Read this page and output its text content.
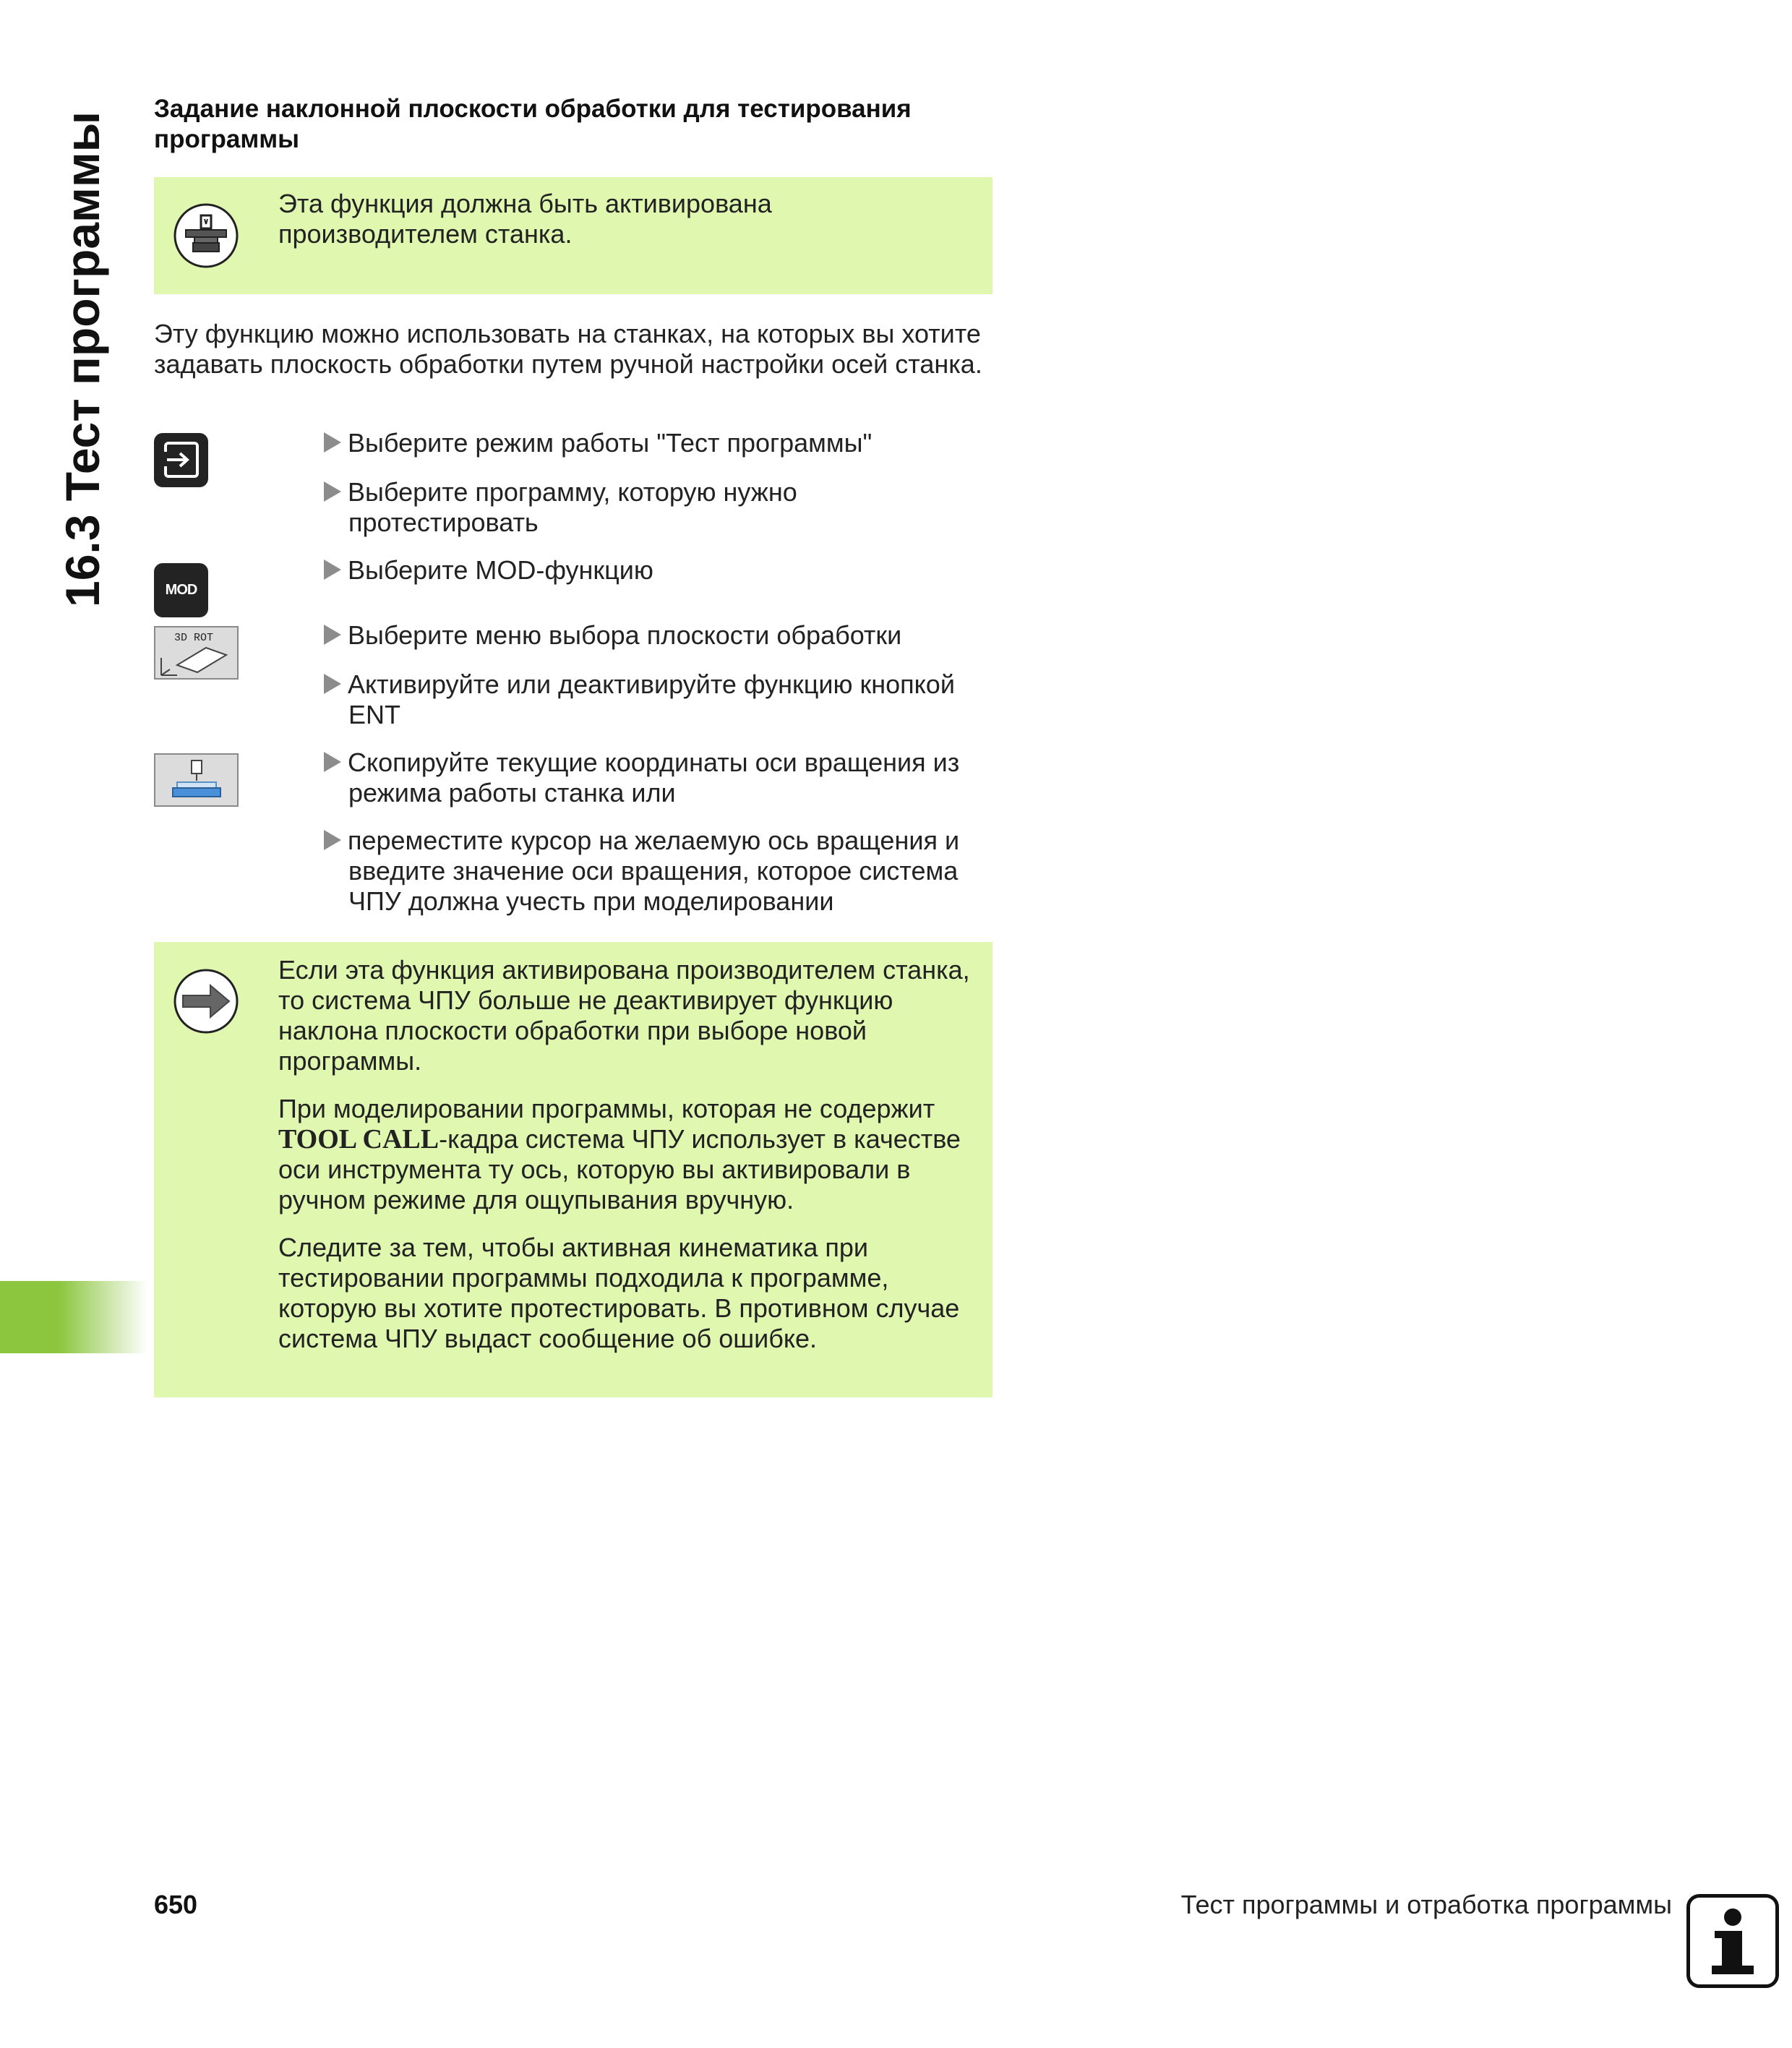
16.3 Тест программы
Задание наклонной плоскости обработки для тестирования программы
Эта функция должна быть активирована производителем станка.
Эту функцию можно использовать на станках, на которых вы хотите задавать плоскость обработки путем ручной настройки осей станка.
MOD
3D ROT
Выберите режим работы "Тест программы"
Выберите программу, которую нужно протестировать
Выберите MOD-функцию
Выберите меню выбора плоскости обработки
Активируйте или деактивируйте функцию кнопкой ENT
Скопируйте текущие координаты оси вращения из режима работы станка или
переместите курсор на желаемую ось вращения и введите значение оси вращения, которое система ЧПУ должна учесть при моделировании

Если эта функция активирована производителем станка, то система ЧПУ больше не деактивирует функцию наклона плоскости обработки при выборе новой программы.

При моделировании программы, которая не содержит TOOL CALL-кадра система ЧПУ использует в качестве оси инструмента ту ось, которую вы активировали в ручном режиме для ощупывания вручную.

Следите за тем, чтобы активная кинематика при тестировании программы подходила к программе, которую вы хотите протестировать. В противном случае система ЧПУ выдаст сообщение об ошибке.

650	Тест программы и отработка программы
